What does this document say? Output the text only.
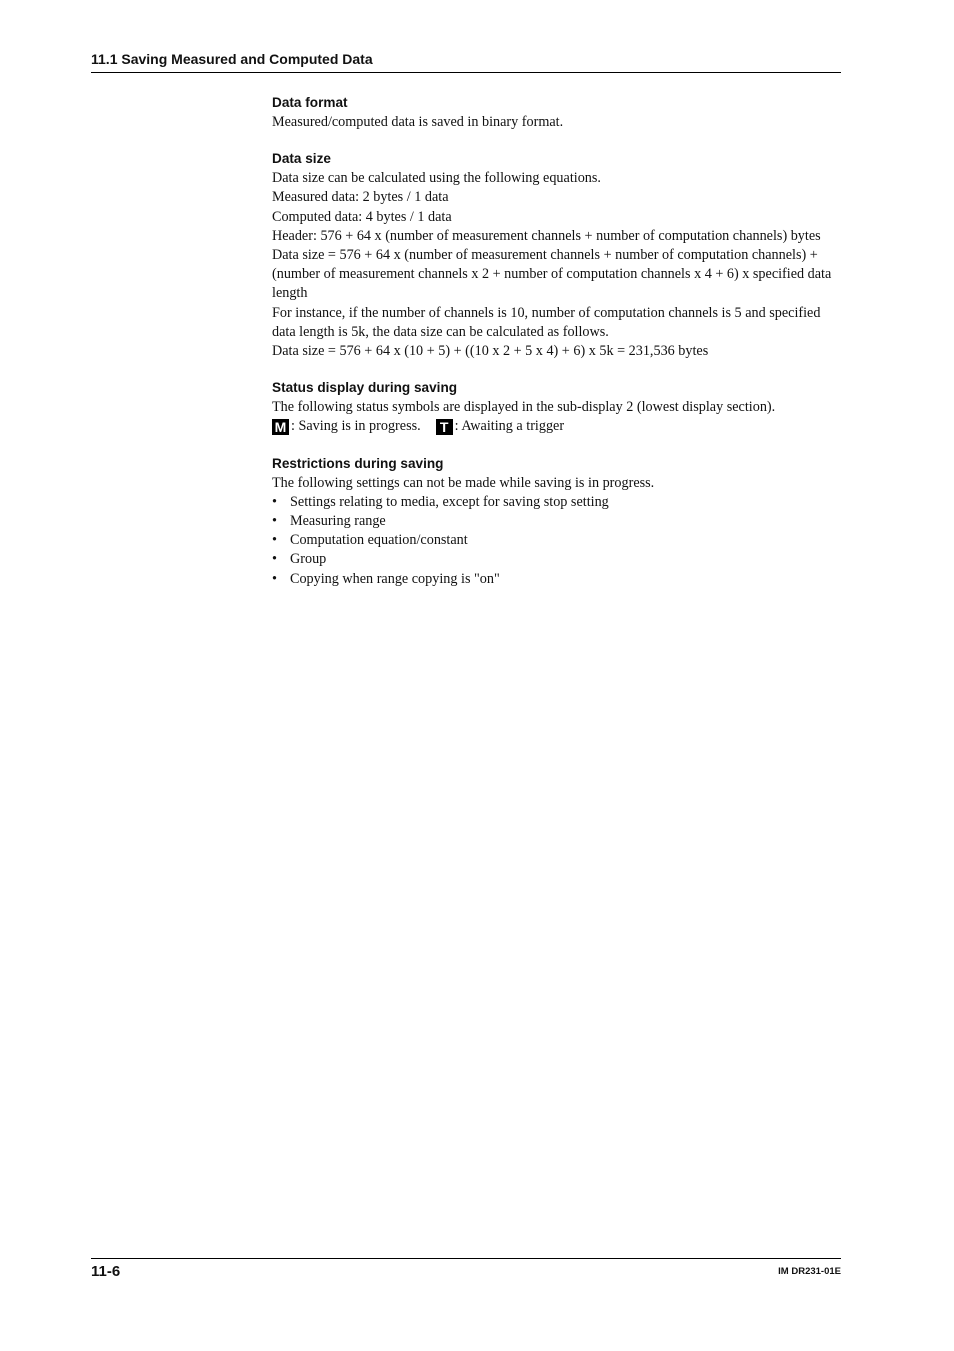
11.1 Saving Measured and Computed Data
Data format
Measured/computed data is saved in binary format.
Data size
Data size can be calculated using the following equations.
Measured data: 2 bytes / 1 data
Computed data: 4 bytes / 1 data
Header: 576 + 64 x (number of measurement channels + number of computation channels) bytes
Data size = 576 + 64 x (number of measurement channels + number of computation channels) + (number of measurement channels x 2 + number of computation channels x 4 + 6) x specified data length
For instance, if the number of channels is 10, number of computation channels is 5 and specified data length is 5k, the data size can be calculated as follows.
Data size = 576 + 64 x (10 + 5) + ((10 x 2 + 5 x 4) + 6) x 5k = 231,536 bytes
Status display during saving
The following status symbols are displayed in the sub-display 2 (lowest display section).
M : Saving is in progress.	T : Awaiting a trigger
Restrictions during saving
The following settings can not be made while saving is in progress.
• Settings relating to media, except for saving stop setting
• Measuring range
• Computation equation/constant
• Group
• Copying when range copying is "on"
11-6	IM DR231-01E
